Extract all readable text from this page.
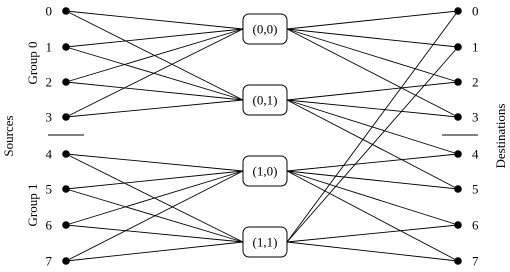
(0,0)
(0,1)
(1,0)
(1,1)
0
1
2
3
4
5
6
7
0
1
2
3
4
5
6
7
Sources
Group 0
Group 1
Destinations
